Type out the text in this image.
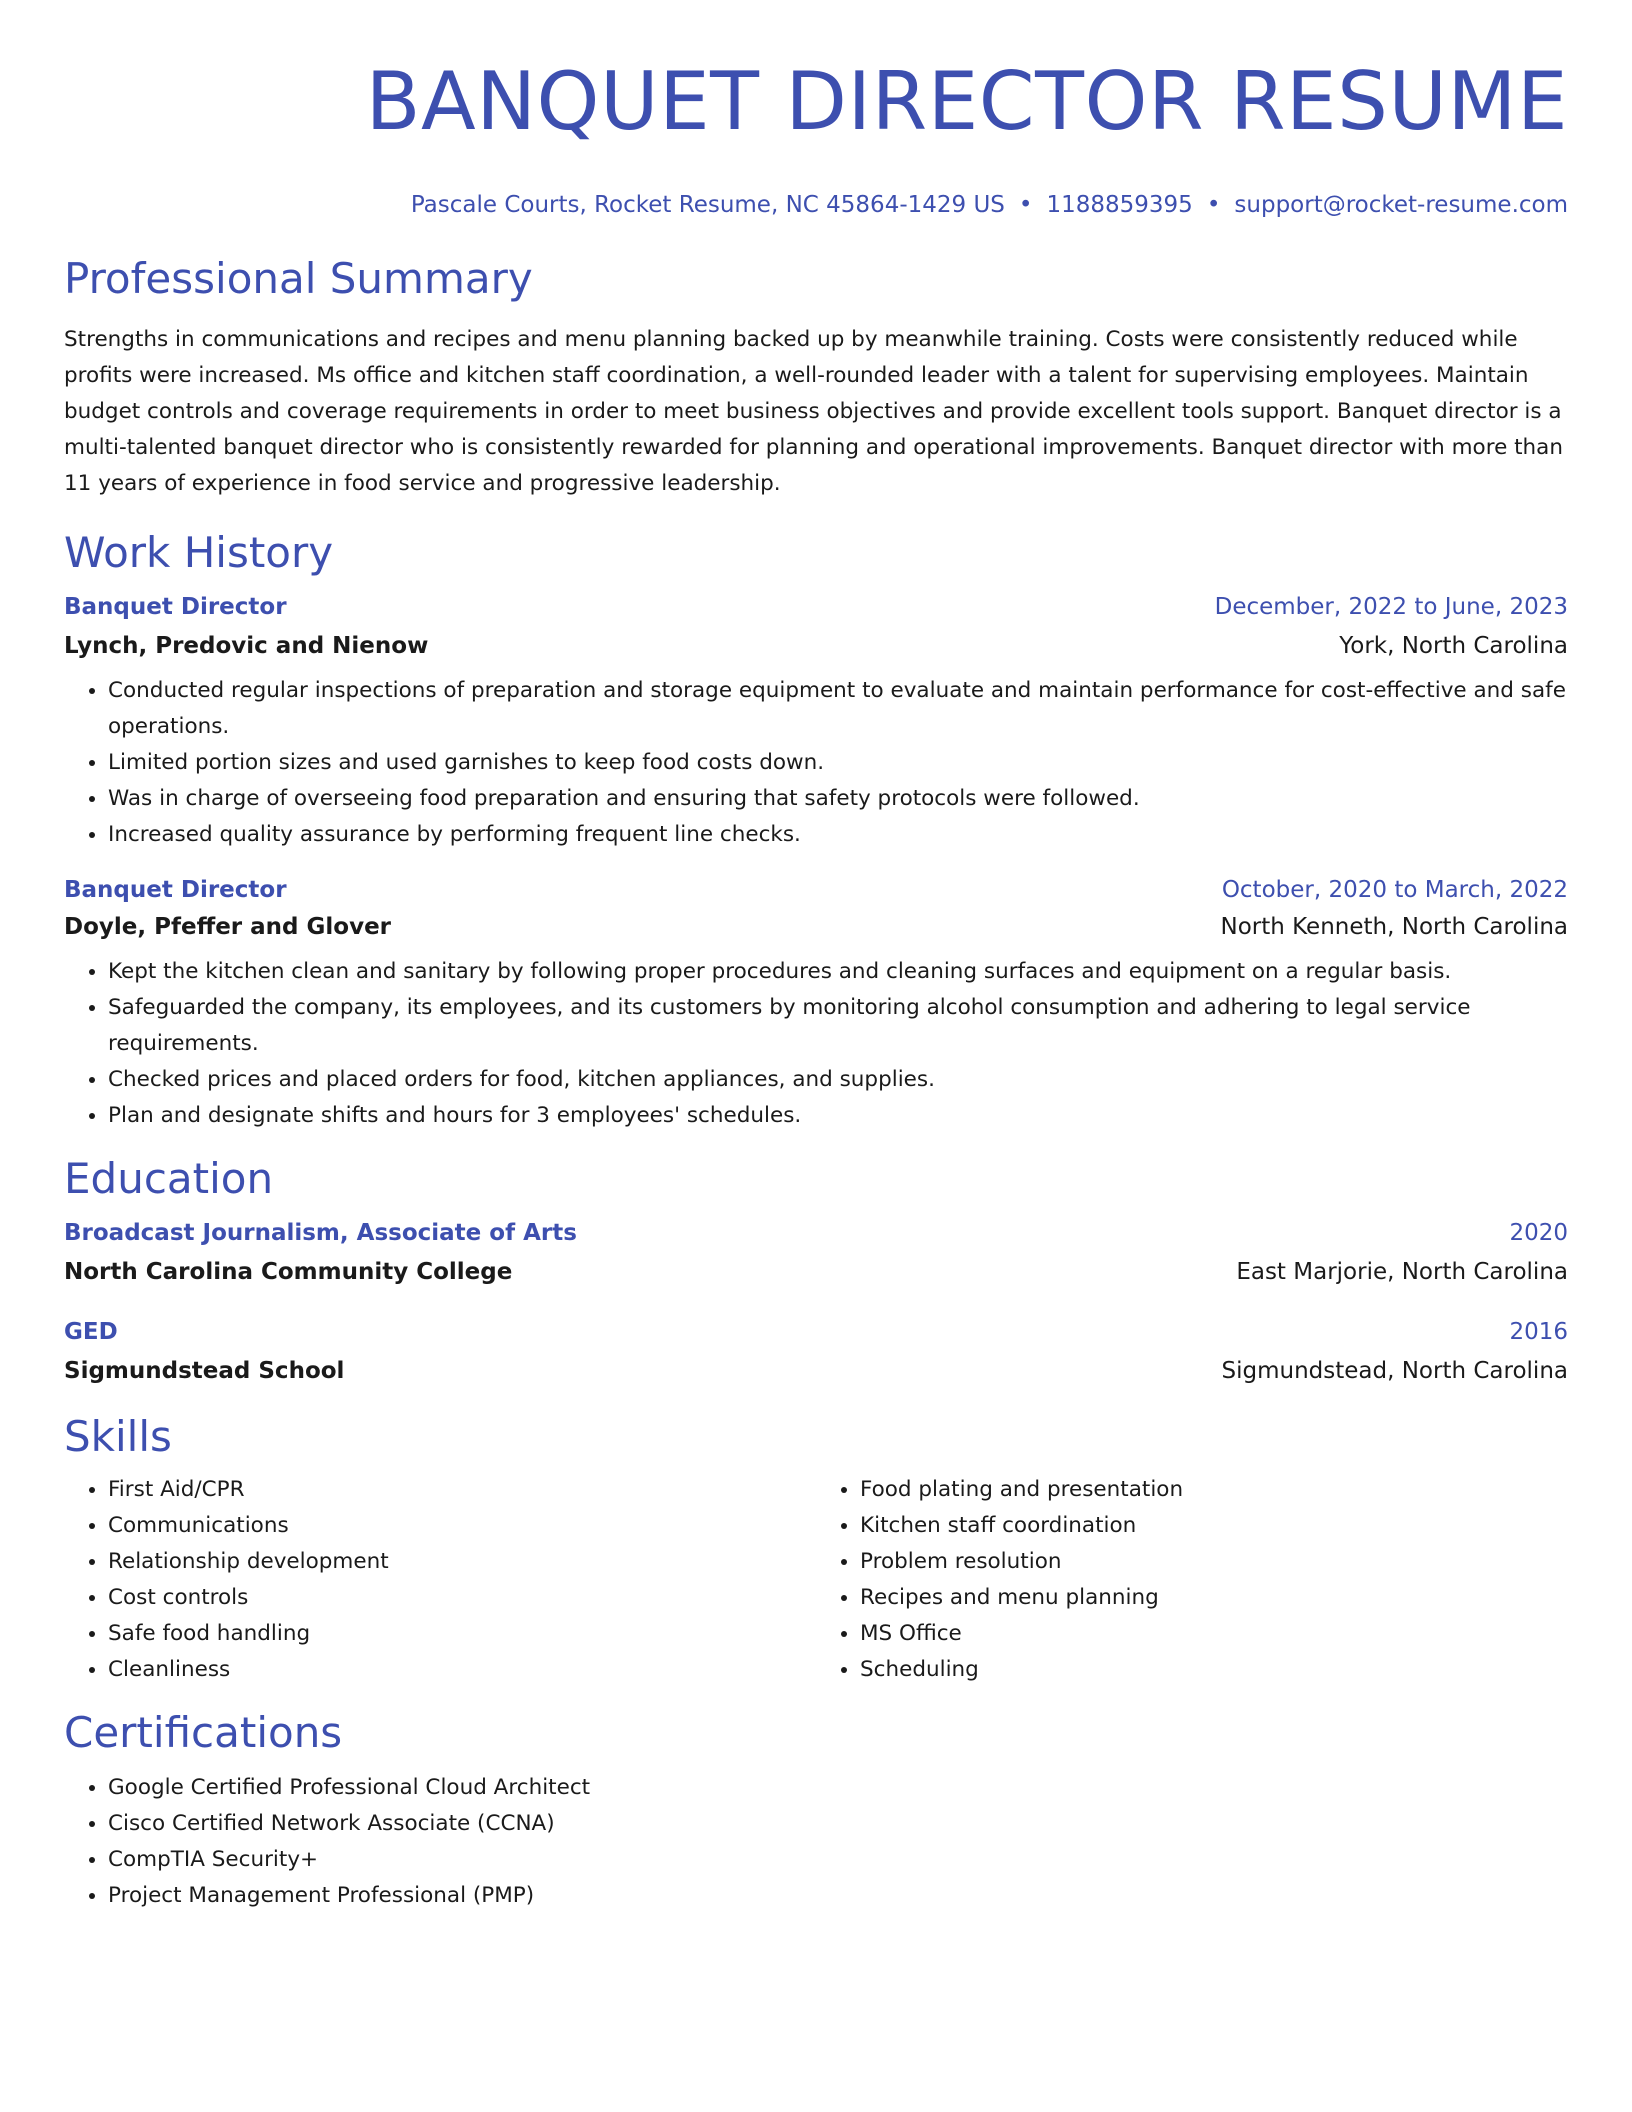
BANQUET DIRECTOR RESUME
Pascale Courts, Rocket Resume, NC 45864-1429 US • 1188859395 • support@rocket-resume.com
Professional Summary

Strengths in communications and recipes and menu planning backed up by meanwhile training. Costs were consistently reduced while profits were increased. Ms office and kitchen staff coordination, a well-rounded leader with a talent for supervising employees. Maintain budget controls and coverage requirements in order to meet business objectives and provide excellent tools support. Banquet director is a multi-talented banquet director who is consistently rewarded for planning and operational improvements. Banquet director with more than 11 years of experience in food service and progressive leadership.

Work History
Banquet Director	December, 2022 to June, 2023
Lynch, Predovic and Nienow	York, North Carolina
• Conducted regular inspections of preparation and storage equipment to evaluate and maintain performance for cost-effective and safe operations.
• Limited portion sizes and used garnishes to keep food costs down.
• Was in charge of overseeing food preparation and ensuring that safety protocols were followed.
• Increased quality assurance by performing frequent line checks.
Banquet Director	October, 2020 to March, 2022
Doyle, Pfeffer and Glover	North Kenneth, North Carolina
• Kept the kitchen clean and sanitary by following proper procedures and cleaning surfaces and equipment on a regular basis.
• Safeguarded the company, its employees, and its customers by monitoring alcohol consumption and adhering to legal service requirements.
• Checked prices and placed orders for food, kitchen appliances, and supplies.
• Plan and designate shifts and hours for 3 employees' schedules.
Education
Broadcast Journalism, Associate of Arts	2020
North Carolina Community College	East Marjorie, North Carolina
GED	2016
Sigmundstead School	Sigmundstead, North Carolina
Skills
• First Aid/CPR
• Communications
• Relationship development
• Cost controls
• Safe food handling
• Cleanliness
• Food plating and presentation
• Kitchen staff coordination
• Problem resolution
• Recipes and menu planning
• MS Office
• Scheduling
Certifications
• Google Certified Professional Cloud Architect
• Cisco Certified Network Associate (CCNA)
• CompTIA Security+
• Project Management Professional (PMP)
